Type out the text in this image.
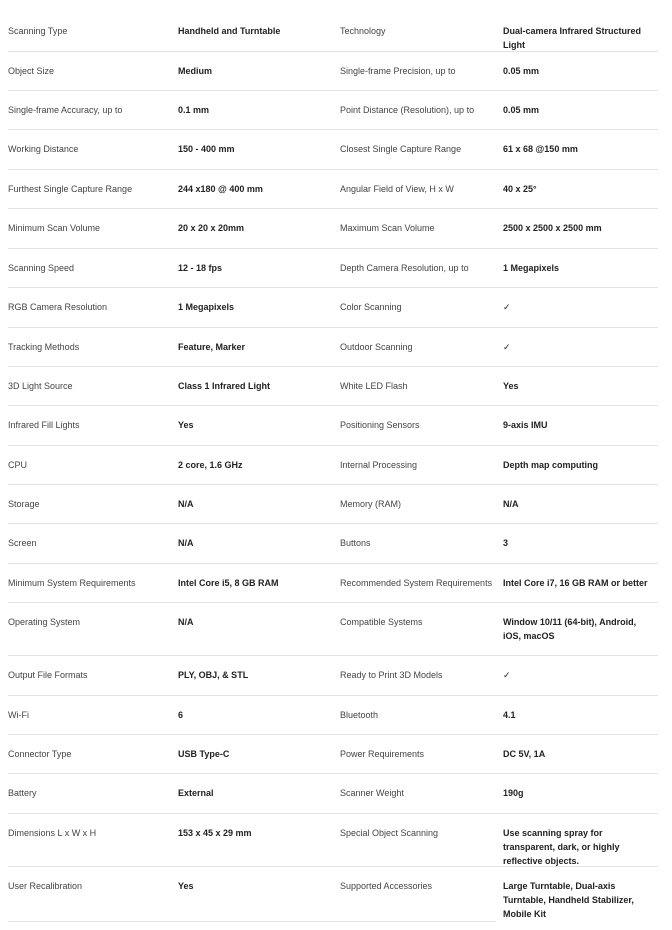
Scanning Type	Handheld and Turntable	Technology	Dual-camera Infrared Structured Light
Object Size	Medium	Single-frame Precision, up to	0.05 mm
Single-frame Accuracy, up to	0.1 mm	Point Distance (Resolution), up to	0.05 mm
Working Distance	150 - 400 mm	Closest Single Capture Range	61 x 68 @150 mm
Furthest Single Capture Range	244 x180 @ 400 mm	Angular Field of View, H x W	40 x 25°
Minimum Scan Volume	20 x 20 x 20mm	Maximum Scan Volume	2500 x 2500 x 2500 mm
Scanning Speed	12 - 18 fps	Depth Camera Resolution, up to	1 Megapixels
RGB Camera Resolution	1 Megapixels	Color Scanning	✓
Tracking Methods	Feature, Marker	Outdoor Scanning	✓
3D Light Source	Class 1 Infrared Light	White LED Flash	Yes
Infrared Fill Lights	Yes	Positioning Sensors	9-axis IMU
CPU	2 core, 1.6 GHz	Internal Processing	Depth map computing
Storage	N/A	Memory (RAM)	N/A
Screen	N/A	Buttons	3
Minimum System Requirements	Intel Core i5, 8 GB RAM	Recommended System Requirements	Intel Core i7, 16 GB RAM or better
Operating System	N/A	Compatible Systems	Window 10/11 (64-bit), Android, iOS, macOS
Output File Formats	PLY, OBJ, & STL	Ready to Print 3D Models	✓
Wi-Fi	6	Bluetooth	4.1
Connector Type	USB Type-C	Power Requirements	DC 5V, 1A
Battery	External	Scanner Weight	190g
Dimensions L x W x H	153 x 45 x 29 mm	Special Object Scanning	Use scanning spray for transparent, dark, or highly reflective objects.
User Recalibration	Yes	Supported Accessories	Large Turntable, Dual-axis Turntable, Handheld Stabilizer, Mobile Kit
